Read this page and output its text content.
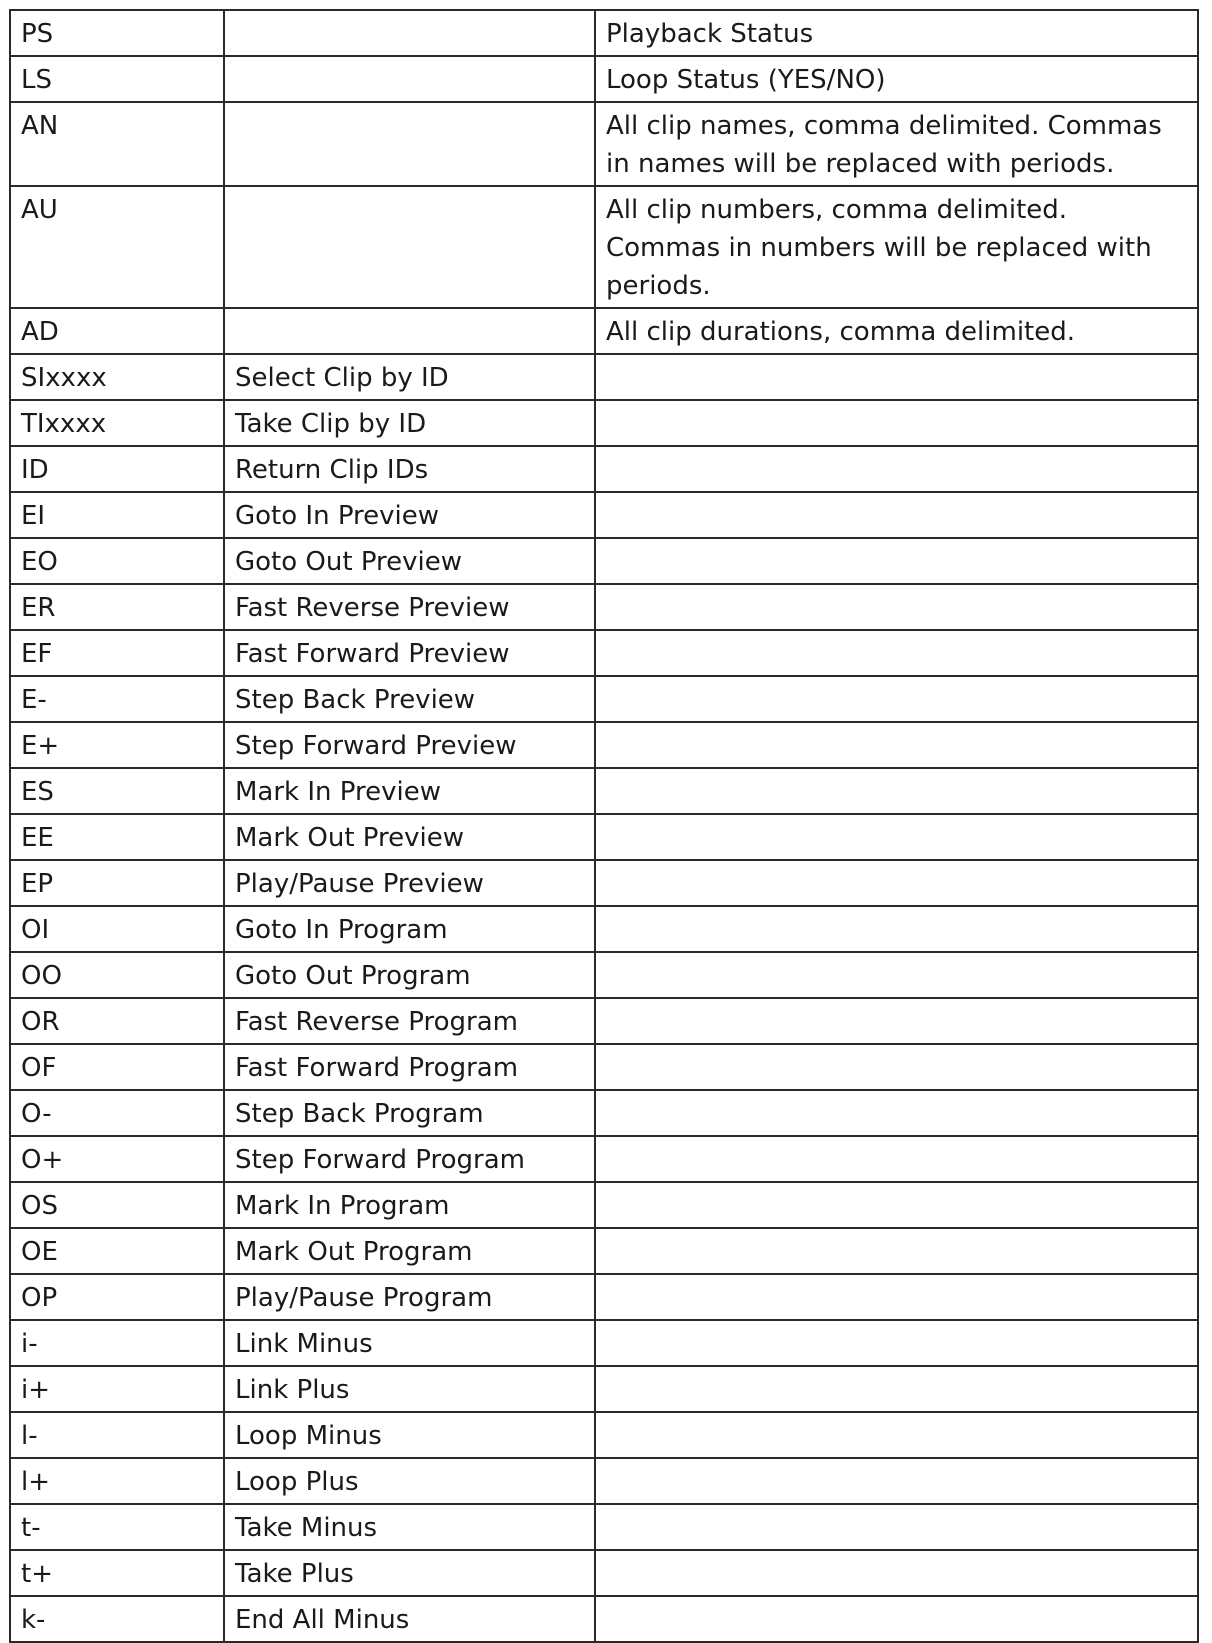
PS		Playback Status
LS		Loop Status (YES/NO)
AN		All clip names, comma delimited. Commas in names will be replaced with periods.
AU		All clip numbers, comma delimited. Commas in numbers will be replaced with periods.
AD		All clip durations, comma delimited.
SIxxxx	Select Clip by ID	
TIxxxx	Take Clip by ID	
ID	Return Clip IDs	
EI	Goto In Preview	
EO	Goto Out Preview	
ER	Fast Reverse Preview	
EF	Fast Forward Preview	
E-	Step Back Preview	
E+	Step Forward Preview	
ES	Mark In Preview	
EE	Mark Out Preview	
EP	Play/Pause Preview	
OI	Goto In Program	
OO	Goto Out Program	
OR	Fast Reverse Program	
OF	Fast Forward Program	
O-	Step Back Program	
O+	Step Forward Program	
OS	Mark In Program	
OE	Mark Out Program	
OP	Play/Pause Program	
i-	Link Minus	
i+	Link Plus	
l-	Loop Minus	
l+	Loop Plus	
t-	Take Minus	
t+	Take Plus	
k-	End All Minus	
